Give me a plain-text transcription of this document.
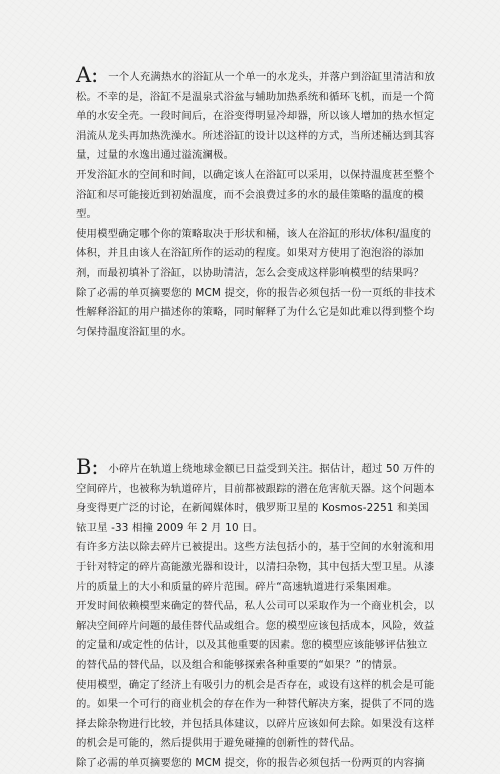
A: 一个人充满热水的浴缸从一个单一的水龙头，并落户到浴缸里清洁和放松。不幸的是，浴缸不是温泉式浴盆与辅助加热系统和循环飞机，而是一个简单的水安全壳。一段时间后，在浴变得明显冷却器，所以该人增加的热水恒定涓流从龙头再加热洗澡水。所述浴缸的设计以这样的方式，当所述桶达到其容量，过量的水逸出通过溢流澜极。

开发浴缸水的空间和时间，以确定该人在浴缸可以采用，以保持温度甚至整个浴缸和尽可能接近到初始温度，而不会浪费过多的水的最佳策略的温度的模型。

使用模型确定哪个你的策略取决于形状和桶，该人在浴缸的形状/体积/温度的体积，并且由该人在浴缸所作的运动的程度。如果对方使用了泡泡浴的添加剂，而最初填补了浴缸，以协助清洁，怎么会变成这样影响模型的结果吗？

除了必需的单页摘要您的 MCM 提交，你的报告必须包括一份一页纸的非技术性解释浴缸的用户描述你的策略，同时解释了为什么它是如此难以得到整个均匀保持温度浴缸里的水。

B: 小碎片在轨道上绕地球金额已日益受到关注。据估计，超过 50 万件的空间碎片，也被称为轨道碎片，目前都被跟踪的潜在危害航天器。这个问题本身变得更广泛的讨论，在新闻媒体时，俄罗斯卫星的 Kosmos-2251 和美国铱卫星 -33 相撞 2009 年 2 月 10 日。

有许多方法以除去碎片已被提出。这些方法包括小的，基于空间的水射流和用于针对特定的碎片高能激光器和设计，以清扫杂物，其中包括大型卫星。从漆片的质量上的大小和质量的碎片范围。碎片“高速轨道进行采集困难。

开发时间依赖模型来确定的替代品，私人公司可以采取作为一个商业机会，以解决空间碎片问题的最佳替代品或组合。您的模型应该包括成本，风险，效益的定量和/或定性的估计，以及其他重要的因素。您的模型应该能够评估独立的替代品的替代品，以及组合和能够探索各种重要的“如果？”的情景。

使用模型，确定了经济上有吸引力的机会是否存在，或设有这样的机会是可能的。如果一个可行的商业机会的存在作为一种替代解决方案，提供了不同的选择去除杂物进行比较，并包括具体建议，以碎片应该如何去除。如果没有这样的机会是可能的，然后提供用于避免碰撞的创新性的替代品。

除了必需的单页摘要您的 MCM 提交，你的报告必须包括一份两页的内容摘
